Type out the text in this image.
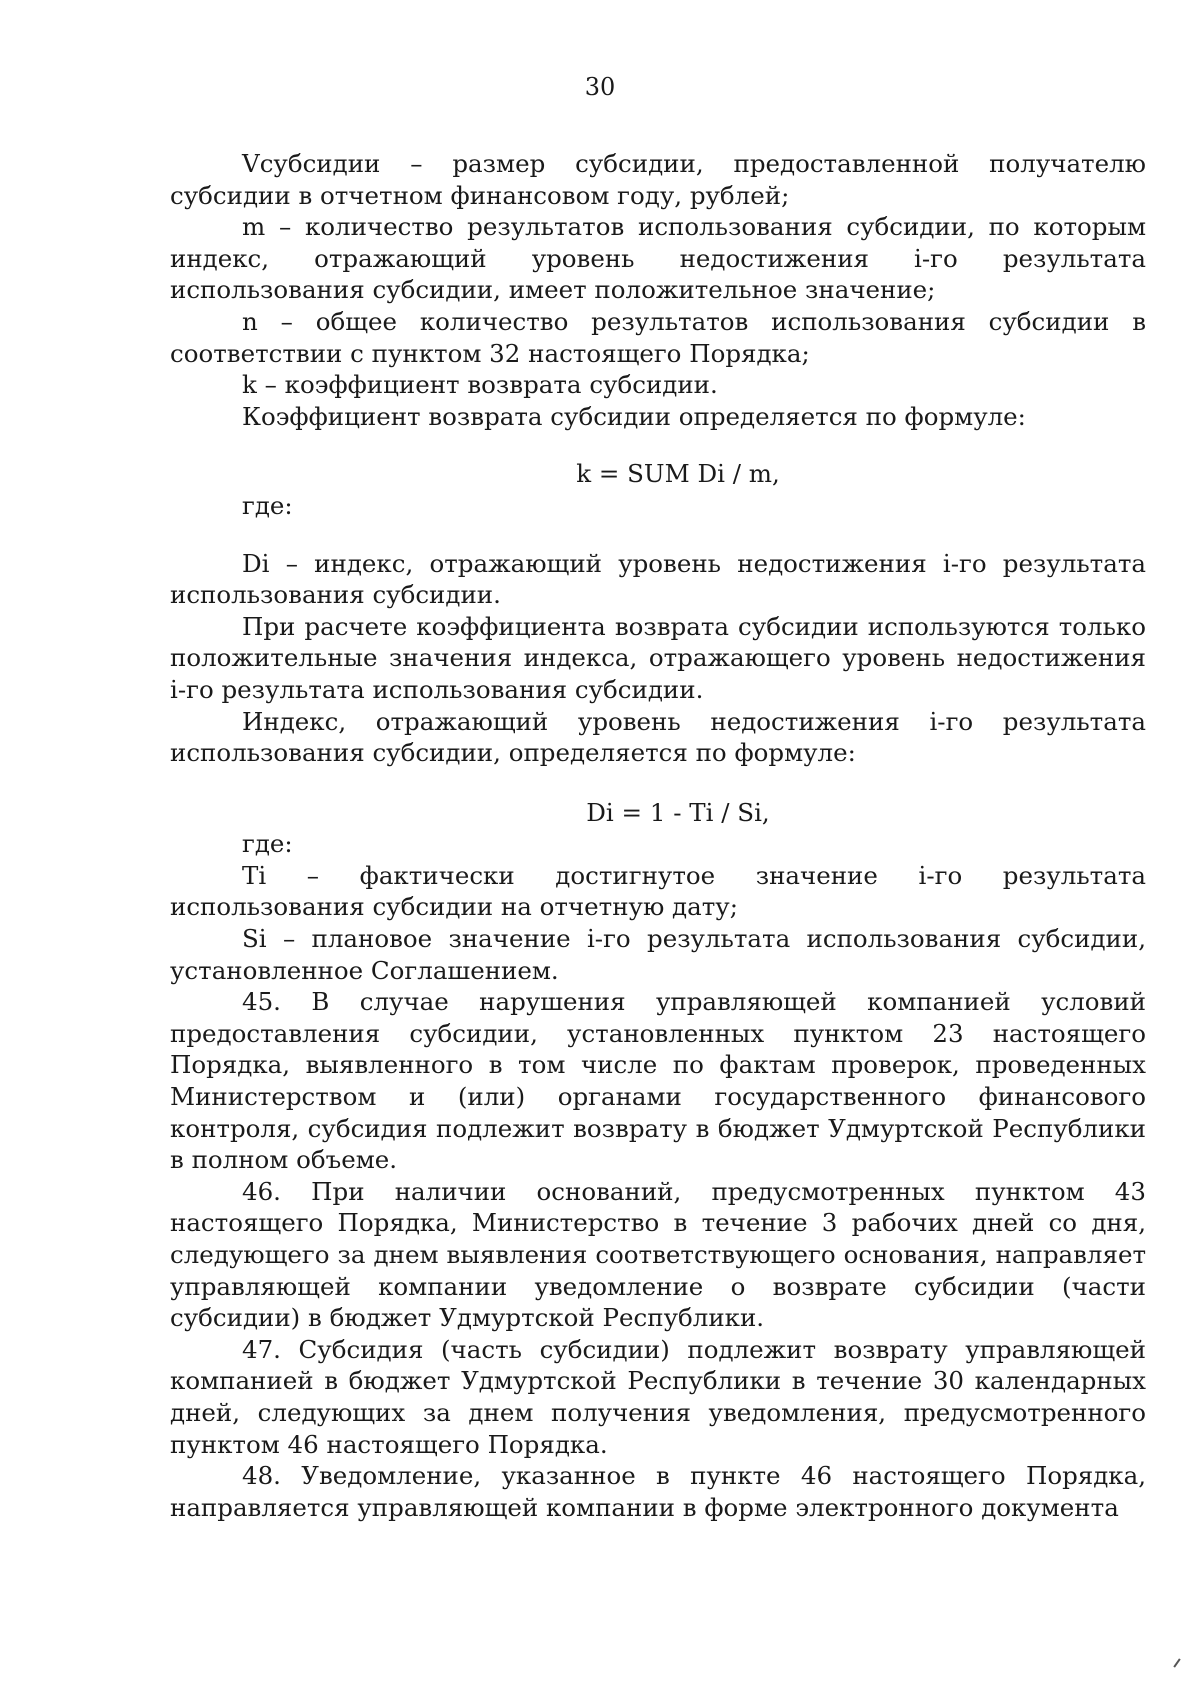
30

Vсубсидии – размер субсидии, предоставленной получателю субсидии в отчетном финансовом году, рублей;

m – количество результатов использования субсидии, по которым индекс, отражающий уровень недостижения i-го результата использования субсидии, имеет положительное значение;

n – общее количество результатов использования субсидии в соответствии с пунктом 32 настоящего Порядка;

k – коэффициент возврата субсидии.

Коэффициент возврата субсидии определяется по формуле:

k = SUM Di / m,

где:

Di – индекс, отражающий уровень недостижения i-го результата использования субсидии.

При расчете коэффициента возврата субсидии используются только положительные значения индекса, отражающего уровень недостижения i-го результата использования субсидии.

Индекс, отражающий уровень недостижения i-го результата использования субсидии, определяется по формуле:

Di = 1 - Ti / Si,

где:

Ti – фактически достигнутое значение i-го результата использования субсидии на отчетную дату;

Si – плановое значение i-го результата использования субсидии, установленное Соглашением.

45. В случае нарушения управляющей компанией условий предоставления субсидии, установленных пунктом 23 настоящего Порядка, выявленного в том числе по фактам проверок, проведенных Министерством и (или) органами государственного финансового контроля, субсидия подлежит возврату в бюджет Удмуртской Республики в полном объеме.

46. При наличии оснований, предусмотренных пунктом 43 настоящего Порядка, Министерство в течение 3 рабочих дней со дня, следующего за днем выявления соответствующего основания, направляет управляющей компании уведомление о возврате субсидии (части субсидии) в бюджет Удмуртской Республики.

47. Субсидия (часть субсидии) подлежит возврату управляющей компанией в бюджет Удмуртской Республики в течение 30 календарных дней, следующих за днем получения уведомления, предусмотренного пунктом 46 настоящего Порядка.

48. Уведомление, указанное в пункте 46 настоящего Порядка, направляется управляющей компании в форме электронного документа
